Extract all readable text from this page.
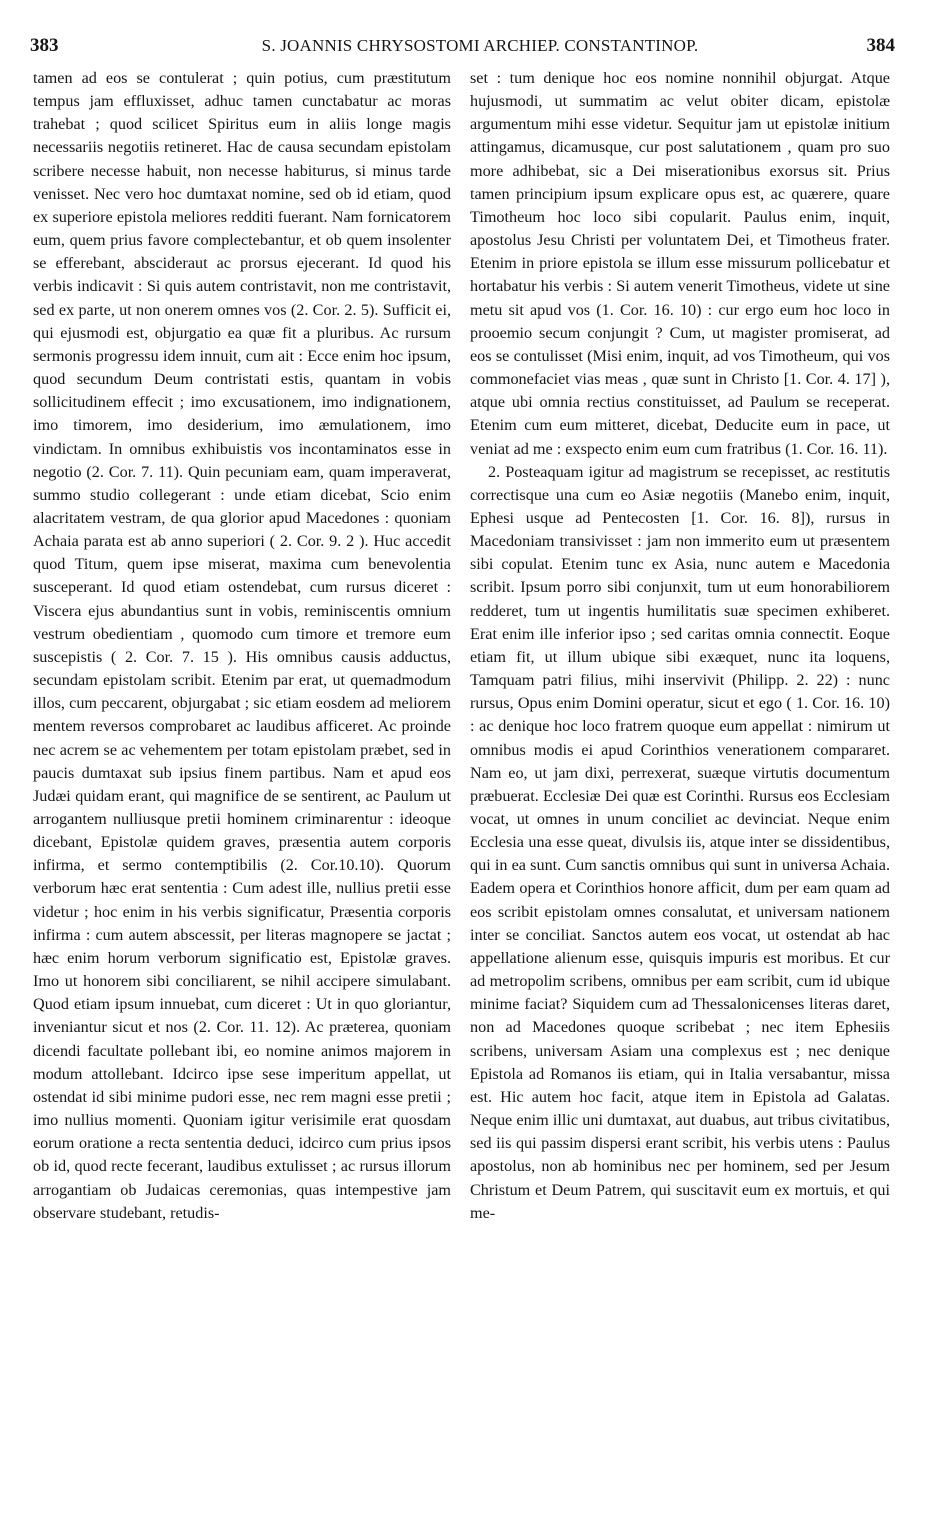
383	S. JOANNIS CHRYSOSTOMI ARCHIEP. CONSTANTINOP.	384

tamen ad eos se contulerat ; quin potius, cum præstitutum tempus jam effluxisset, adhuc tamen cunctabatur ac moras trahebat ; quod scilicet Spiritus eum in aliis longe magis necessariis negotiis retineret. Hac de causa secundam epistolam scribere necesse habuit, non necesse habiturus, si minus tarde venisset. Nec vero hoc dumtaxat nomine, sed ob id etiam, quod ex superiore epistola meliores redditi fuerant. Nam fornicatorem eum, quem prius favore complectebantur, et ob quem insolenter se efferebant, abscideraut ac prorsus ejecerant. Id quod his verbis indicavit : Si quis autem contristavit, non me contristavit, sed ex parte, ut non onerem omnes vos (2. Cor. 2. 5). Sufficit ei, qui ejusmodi est, objurgatio ea quæ fit a pluribus. Ac rursum sermonis progressu idem innuit, cum ait : Ecce enim hoc ipsum, quod secundum Deum contristati estis, quantam in vobis sollicitudinem effecit ; imo excusationem, imo indignationem, imo timorem, imo desiderium, imo æmulationem, imo vindictam. In omnibus exhibuistis vos incontaminatos esse in negotio (2. Cor. 7. 11). Quin pecuniam eam, quam imperaverat, summo studio collegerant : unde etiam dicebat, Scio enim alacritatem vestram, de qua glorior apud Macedones : quoniam Achaia parata est ab anno superiori ( 2. Cor. 9. 2 ). Huc accedit quod Titum, quem ipse miserat, maxima cum benevolentia susceperant. Id quod etiam ostendebat, cum rursus diceret : Viscera ejus abundantius sunt in vobis, reminiscentis omnium vestrum obedientiam , quomodo cum timore et tremore eum suscepistis ( 2. Cor. 7. 15 ). His omnibus causis adductus, secundam epistolam scribit. Etenim par erat, ut quemadmodum illos, cum peccarent, objurgabat ; sic etiam eosdem ad meliorem mentem reversos comprobaret ac laudibus afficeret. Ac proinde nec acrem se ac vehementem per totam epistolam præbet, sed in paucis dumtaxat sub ipsius finem partibus. Nam et apud eos Judæi quidam erant, qui magnifice de se sentirent, ac Paulum ut arrogantem nulliusque pretii hominem criminarentur : ideoque dicebant, Epistolæ quidem graves, præsentia autem corporis infirma, et sermo contemptibilis (2. Cor.10.10). Quorum verborum hæc erat sententia : Cum adest ille, nullius pretii esse videtur ; hoc enim in his verbis significatur, Præsentia corporis infirma : cum autem abscessit, per literas magnopere se jactat ; hæc enim horum verborum significatio est, Epistolæ graves. Imo ut honorem sibi conciliarent, se nihil accipere simulabant. Quod etiam ipsum innuebat, cum diceret : Ut in quo gloriantur, inveniantur sicut et nos (2. Cor. 11. 12). Ac præterea, quoniam dicendi facultate pollebant ibi, eo nomine animos majorem in modum attollebant. Idcirco ipse sese imperitum appellat, ut ostendat id sibi minime pudori esse, nec rem magni esse pretii ; imo nullius momenti. Quoniam igitur verisimile erat quosdam eorum oratione a recta sententia deduci, idcirco cum prius ipsos ob id, quod recte fecerant, laudibus extulisset ; ac rursus illorum arrogantiam ob Judaicas ceremonias, quas intempestive jam observare studebant, retudis-

set : tum denique hoc eos nomine nonnihil objurgat. Atque hujusmodi, ut summatim ac velut obiter dicam, epistolæ argumentum mihi esse videtur. Sequitur jam ut epistolæ initium attingamus, dicamusque, cur post salutationem , quam pro suo more adhibebat, sic a Dei miserationibus exorsus sit. Prius tamen principium ipsum explicare opus est, ac quærere, quare Timotheum hoc loco sibi copularit. Paulus enim, inquit, apostolus Jesu Christi per voluntatem Dei, et Timotheus frater. Etenim in priore epistola se illum esse missurum pollicebatur et hortabatur his verbis : Si autem venerit Timotheus, videte ut sine metu sit apud vos (1. Cor. 16. 10) : cur ergo eum hoc loco in prooemio secum conjungit ? Cum, ut magister promiserat, ad eos se contulisset (Misi enim, inquit, ad vos Timotheum, qui vos commonefaciet vias meas , quæ sunt in Christo [1. Cor. 4. 17] ), atque ubi omnia rectius constituisset, ad Paulum se receperat. Etenim cum eum mitteret, dicebat, Deducite eum in pace, ut veniat ad me : exspecto enim eum cum fratribus (1. Cor. 16. 11).

2. Posteaquam igitur ad magistrum se recepisset, ac restitutis correctisque una cum eo Asiæ negotiis (Manebo enim, inquit, Ephesi usque ad Pentecosten [1. Cor. 16. 8]), rursus in Macedoniam transivisset : jam non immerito eum ut præsentem sibi copulat. Etenim tunc ex Asia, nunc autem e Macedonia scribit. Ipsum porro sibi conjunxit, tum ut eum honorabiliorem redderet, tum ut ingentis humilitatis suæ specimen exhiberet. Erat enim ille inferior ipso ; sed caritas omnia connectit. Eoque etiam fit, ut illum ubique sibi exæquet, nunc ita loquens, Tamquam patri filius, mihi inservivit (Philipp. 2. 22) : nunc rursus, Opus enim Domini operatur, sicut et ego ( 1. Cor. 16. 10) : ac denique hoc loco fratrem quoque eum appellat : nimirum ut omnibus modis ei apud Corinthios venerationem compararet. Nam eo, ut jam dixi, perrexerat, suæque virtutis documentum præbuerat. Ecclesiæ Dei quæ est Corinthi. Rursus eos Ecclesiam vocat, ut omnes in unum conciliet ac devinciat. Neque enim Ecclesia una esse queat, divulsis iis, atque inter se dissidentibus, qui in ea sunt. Cum sanctis omnibus qui sunt in universa Achaia. Eadem opera et Corinthios honore afficit, dum per eam quam ad eos scribit epistolam omnes consalutat, et universam nationem inter se conciliat. Sanctos autem eos vocat, ut ostendat ab hac appellatione alienum esse, quisquis impuris est moribus. Et cur ad metropolim scribens, omnibus per eam scribit, cum id ubique minime faciat? Siquidem cum ad Thessalonicenses literas daret, non ad Macedones quoque scribebat ; nec item Ephesiis scribens, universam Asiam una complexus est ; nec denique Epistola ad Romanos iis etiam, qui in Italia versabantur, missa est. Hic autem hoc facit, atque item in Epistola ad Galatas. Neque enim illic uni dumtaxat, aut duabus, aut tribus civitatibus, sed iis qui passim dispersi erant scribit, his verbis utens : Paulus apostolus, non ab hominibus nec per hominem, sed per Jesum Christum et Deum Patrem, qui suscitavit eum ex mortuis, et qui me-
